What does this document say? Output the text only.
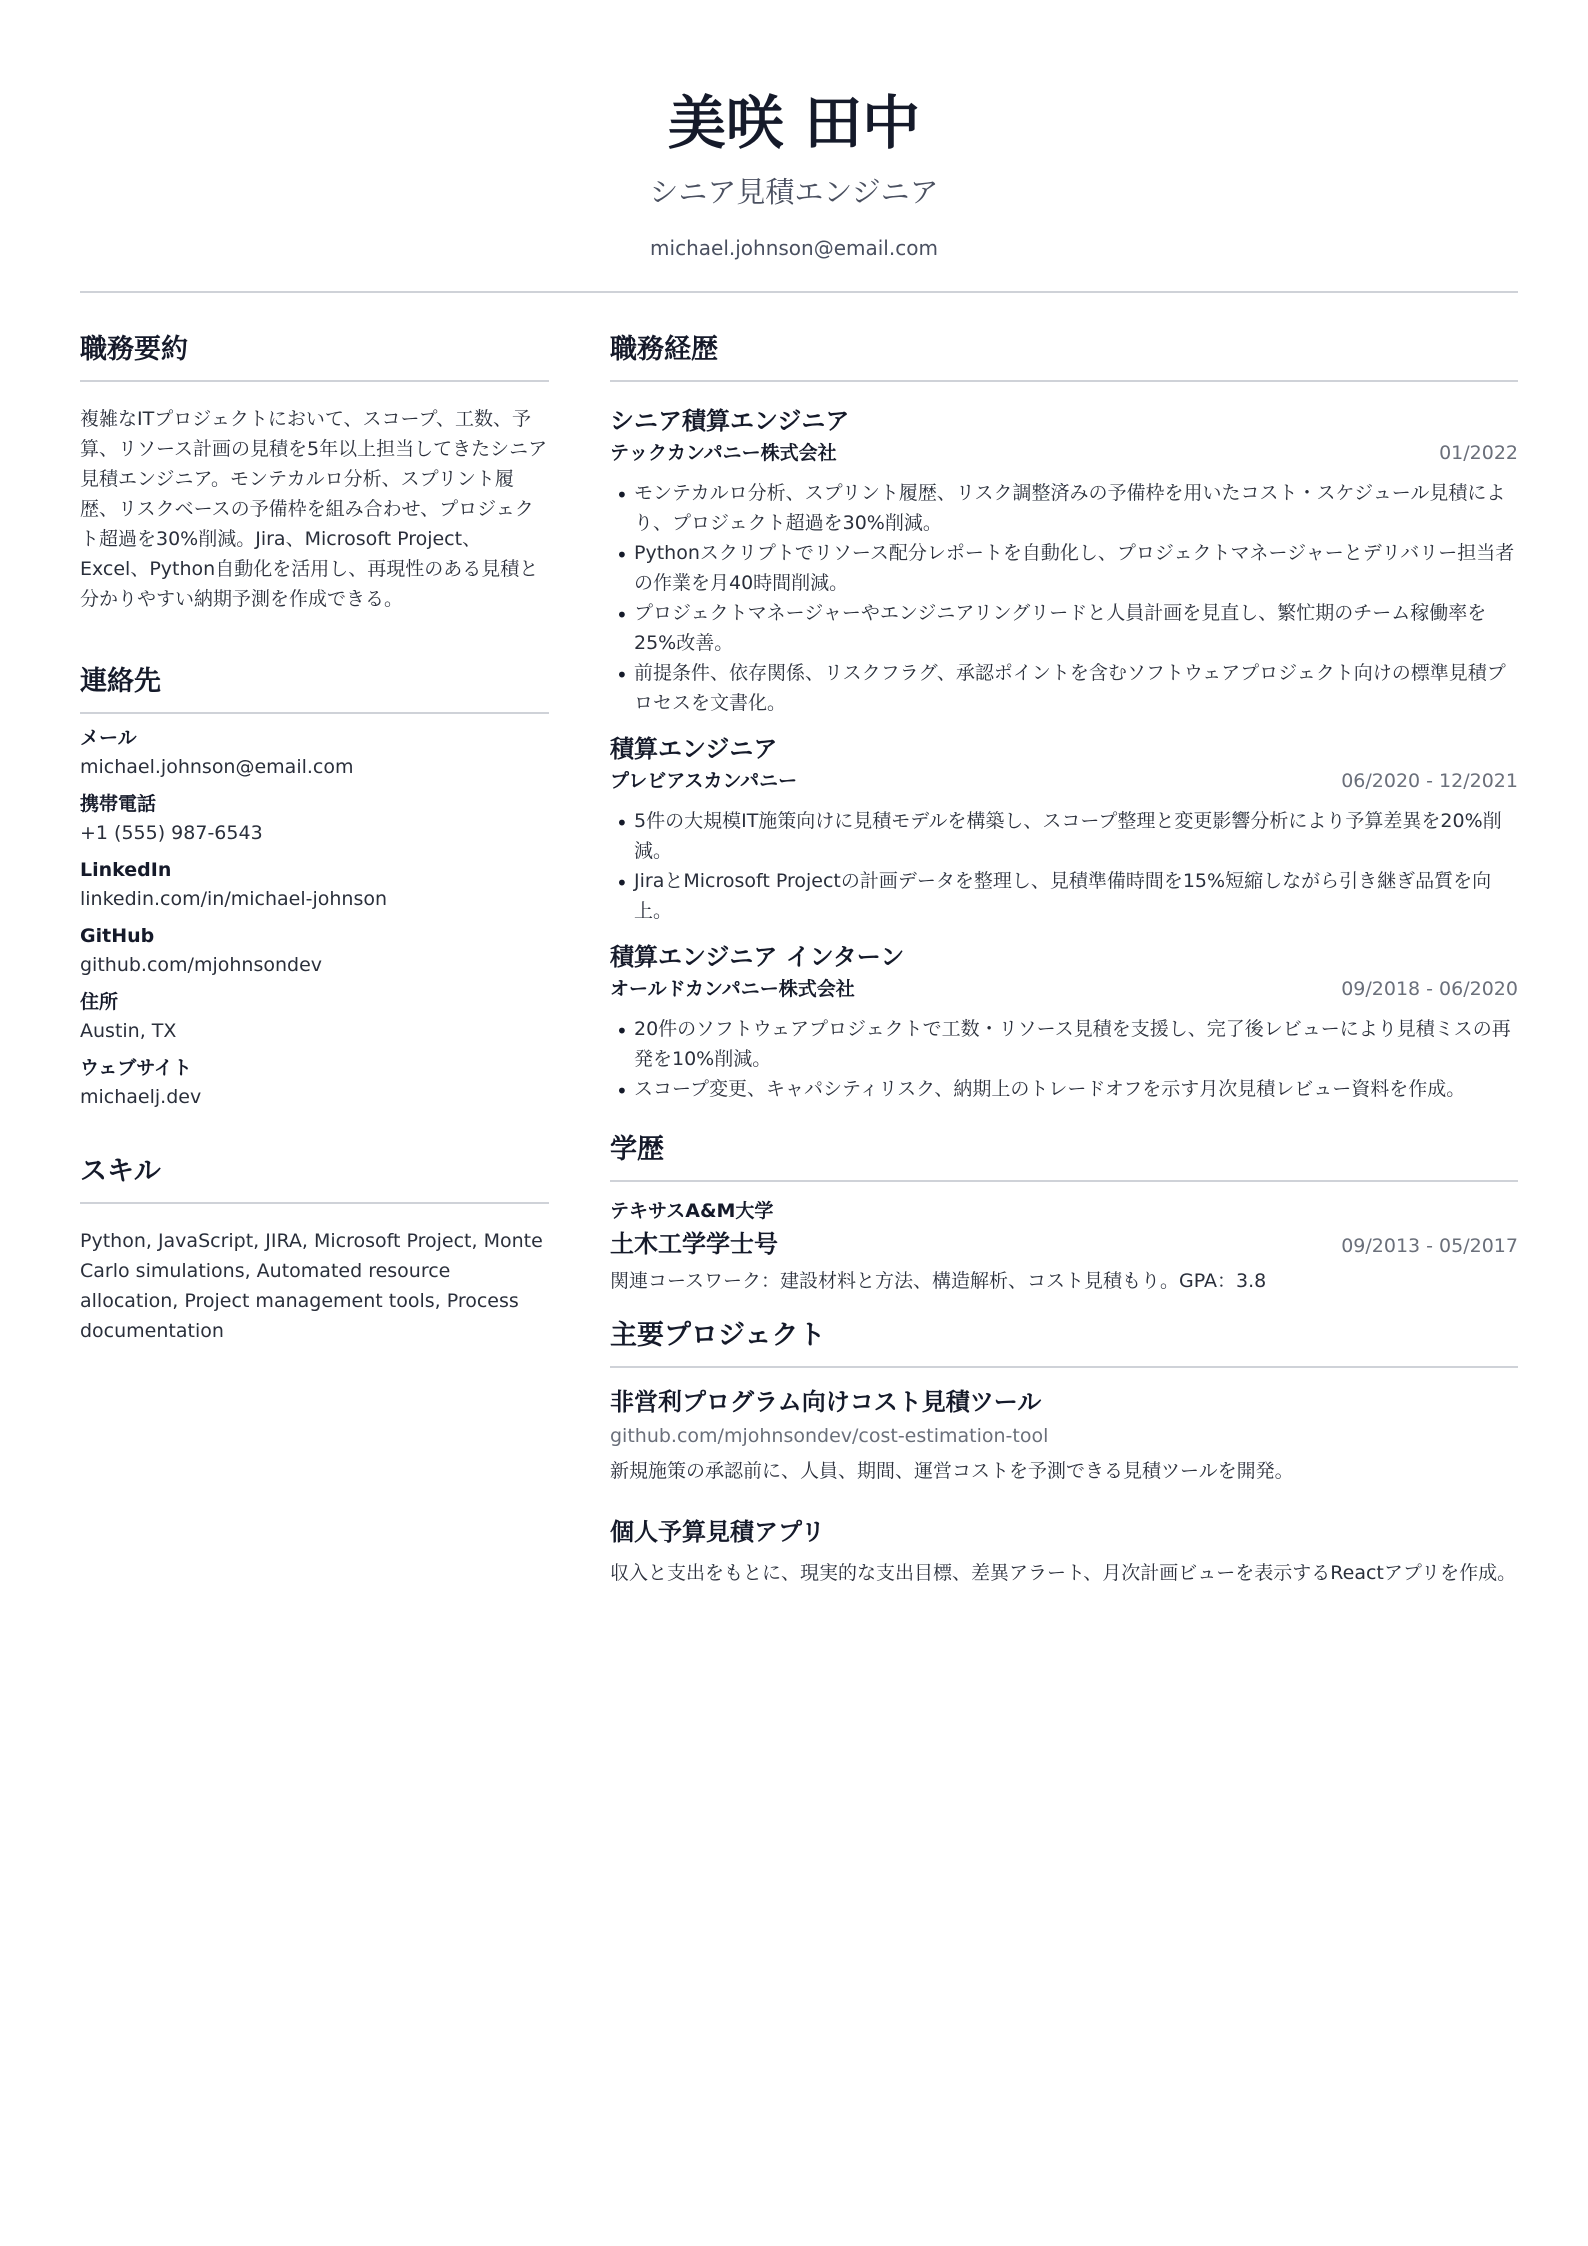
美咲 田中
シニア見積エンジニア
michael.johnson@email.com
職務要約

複雑なITプロジェクトにおいて、スコープ、工数、予算、リソース計画の見積を5年以上担当してきたシニア見積エンジニア。モンテカルロ分析、スプリント履歴、リスクベースの予備枠を組み合わせ、プロジェクト超過を30%削減。Jira、Microsoft Project、Excel、Python自動化を活用し、再現性のある見積と分かりやすい納期予測を作成できる。

連絡先
メール
michael.johnson@email.com
携帯電話
+1 (555) 987-6543
LinkedIn
linkedin.com/in/michael-johnson
GitHub
github.com/mjohnsondev
住所
Austin, TX
ウェブサイト
michaelj.dev
スキル

Python, JavaScript, JIRA, Microsoft Project, Monte Carlo simulations, Automated resource allocation, Project management tools, Process documentation

職務経歴
シニア積算エンジニア
テックカンパニー株式会社	01/2022
• モンテカルロ分析、スプリント履歴、リスク調整済みの予備枠を用いたコスト・スケジュール見積により、プロジェクト超過を30%削減。
• Pythonスクリプトでリソース配分レポートを自動化し、プロジェクトマネージャーとデリバリー担当者の作業を月40時間削減。
• プロジェクトマネージャーやエンジニアリングリードと人員計画を見直し、繁忙期のチーム稼働率を25%改善。
• 前提条件、依存関係、リスクフラグ、承認ポイントを含むソフトウェアプロジェクト向けの標準見積プロセスを文書化。
積算エンジニア
プレビアスカンパニー	06/2020 - 12/2021
• 5件の大規模IT施策向けに見積モデルを構築し、スコープ整理と変更影響分析により予算差異を20%削減。
• JiraとMicrosoft Projectの計画データを整理し、見積準備時間を15%短縮しながら引き継ぎ品質を向上。
積算エンジニア インターン
オールドカンパニー株式会社	09/2018 - 06/2020
• 20件のソフトウェアプロジェクトで工数・リソース見積を支援し、完了後レビューにより見積ミスの再発を10%削減。
• スコープ変更、キャパシティリスク、納期上のトレードオフを示す月次見積レビュー資料を作成。
学歴
テキサスA&M大学
土木工学学士号	09/2013 - 05/2017

関連コースワーク：建設材料と方法、構造解析、コスト見積もり。GPA：3.8

主要プロジェクト
非営利プログラム向けコスト見積ツール
github.com/mjohnsondev/cost-estimation-tool

新規施策の承認前に、人員、期間、運営コストを予測できる見積ツールを開発。

個人予算見積アプリ

収入と支出をもとに、現実的な支出目標、差異アラート、月次計画ビューを表示するReactアプリを作成。
